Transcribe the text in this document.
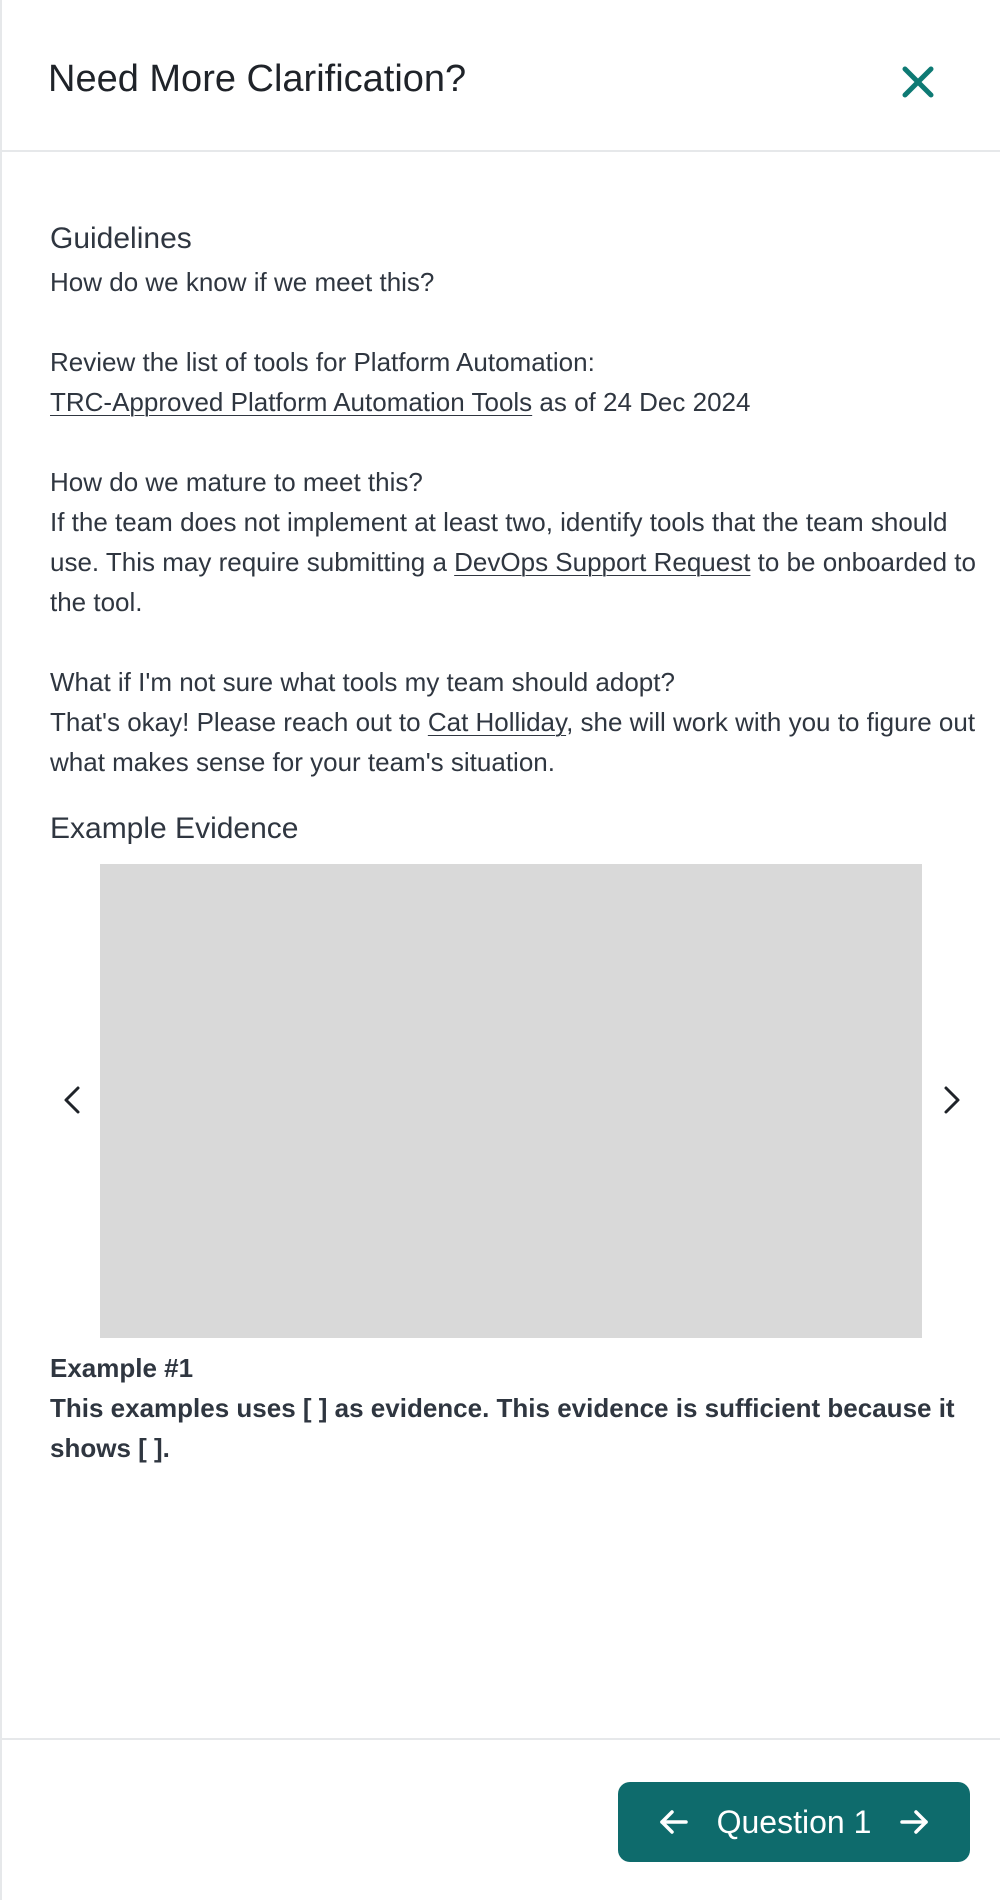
Need More Clarification?
Guidelines

How do we know if we meet this?

Review the list of tools for Platform Automation:
TRC-Approved Platform Automation Tools as of 24 Dec 2024

How do we mature to meet this?

If the team does not implement at least two, identify tools that the team should use. This may require submitting a DevOps Support Request to be onboarded to the tool.

What if I'm not sure what tools my team should adopt?

That's okay! Please reach out to Cat Holliday, she will work with you to figure out what makes sense for your team's situation.

Example Evidence

Example #1

This examples uses [ ] as evidence. This evidence is sufficient because it shows [ ].

Question 1
